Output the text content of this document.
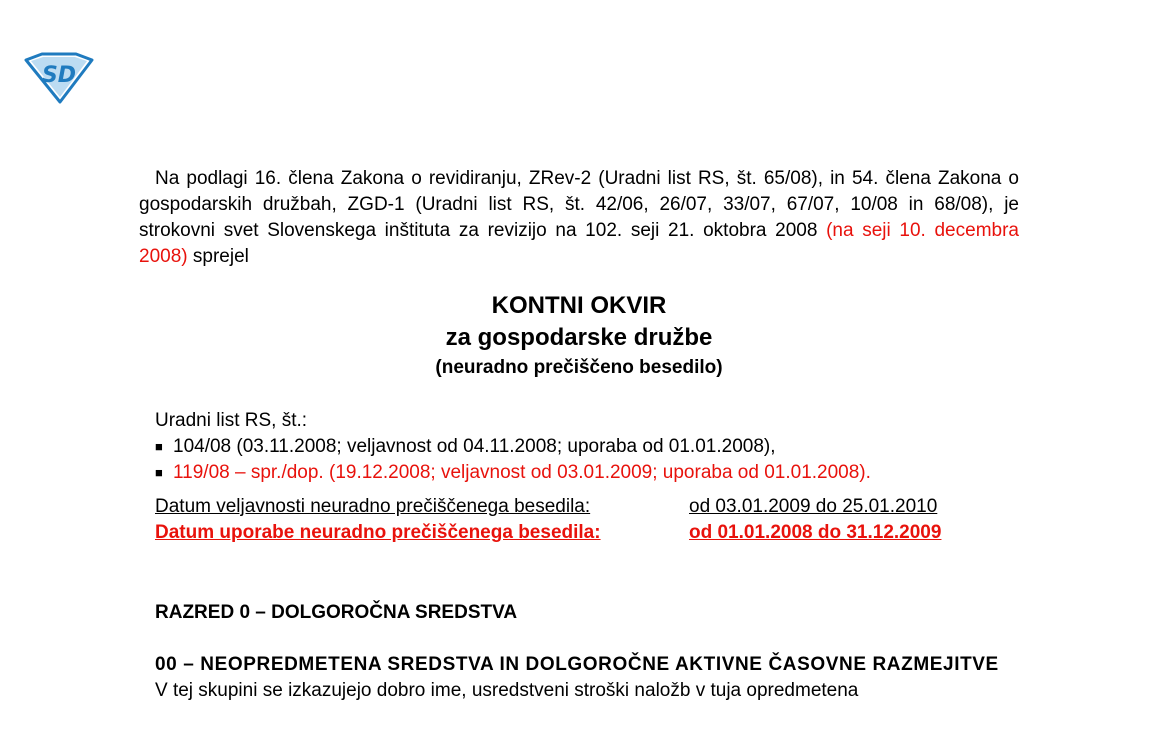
SD

Na podlagi 16. člena Zakona o revidiranju, ZRev-2 (Uradni list RS, št. 65/08), in 54. člena Zakona o gospodarskih družbah, ZGD-1 (Uradni list RS, št. 42/06, 26/07, 33/07, 67/07, 10/08 in 68/08), je strokovni svet Slovenskega inštituta za revizijo na 102. seji 21. oktobra 2008 (na seji 10. decembra 2008) sprejel

KONTNI OKVIR
za gospodarske družbe
(neuradno prečiščeno besedilo)
Uradni list RS, št.:
■ 104/08 (03.11.2008; veljavnost od 04.11.2008; uporaba od 01.01.2008),
■ 119/08 – spr./dop. (19.12.2008; veljavnost od 03.01.2009; uporaba od 01.01.2008).
Datum veljavnosti neuradno prečiščenega besedila:	od 03.01.2009 do 25.01.2010
Datum uporabe neuradno prečiščenega besedila:	od 01.01.2008 do 31.12.2009
RAZRED 0 – DOLGOROČNA SREDSTVA
00 – NEOPREDMETENA SREDSTVA IN DOLGOROČNE AKTIVNE ČASOVNE RAZMEJITVE

V tej skupini se izkazujejo dobro ime, usredstveni stroški naložb v tuja opredmetena
